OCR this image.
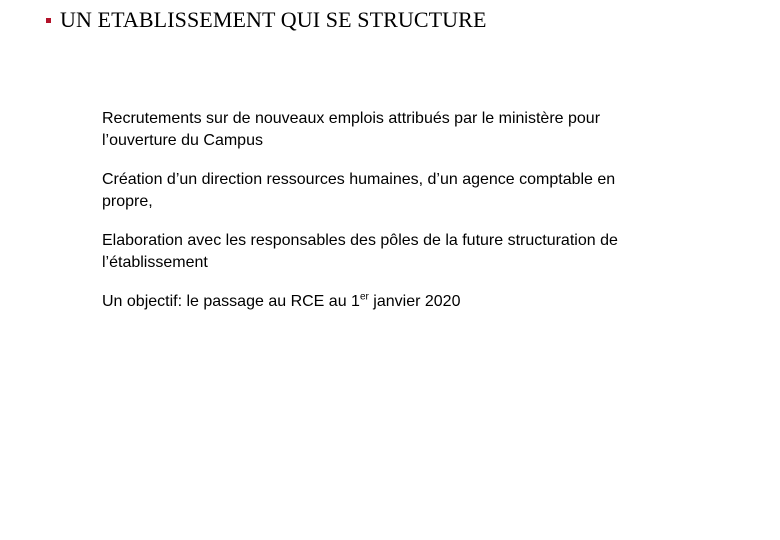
UN ETABLISSEMENT QUI SE STRUCTURE

Recrutements sur de nouveaux emplois attribués par le ministère pour
l’ouverture du Campus

Création d’un direction ressources humaines, d’un agence comptable en
propre,

Elaboration avec les responsables des pôles de la future structuration de
l’établissement

Un objectif: le passage au RCE au 1er janvier 2020
